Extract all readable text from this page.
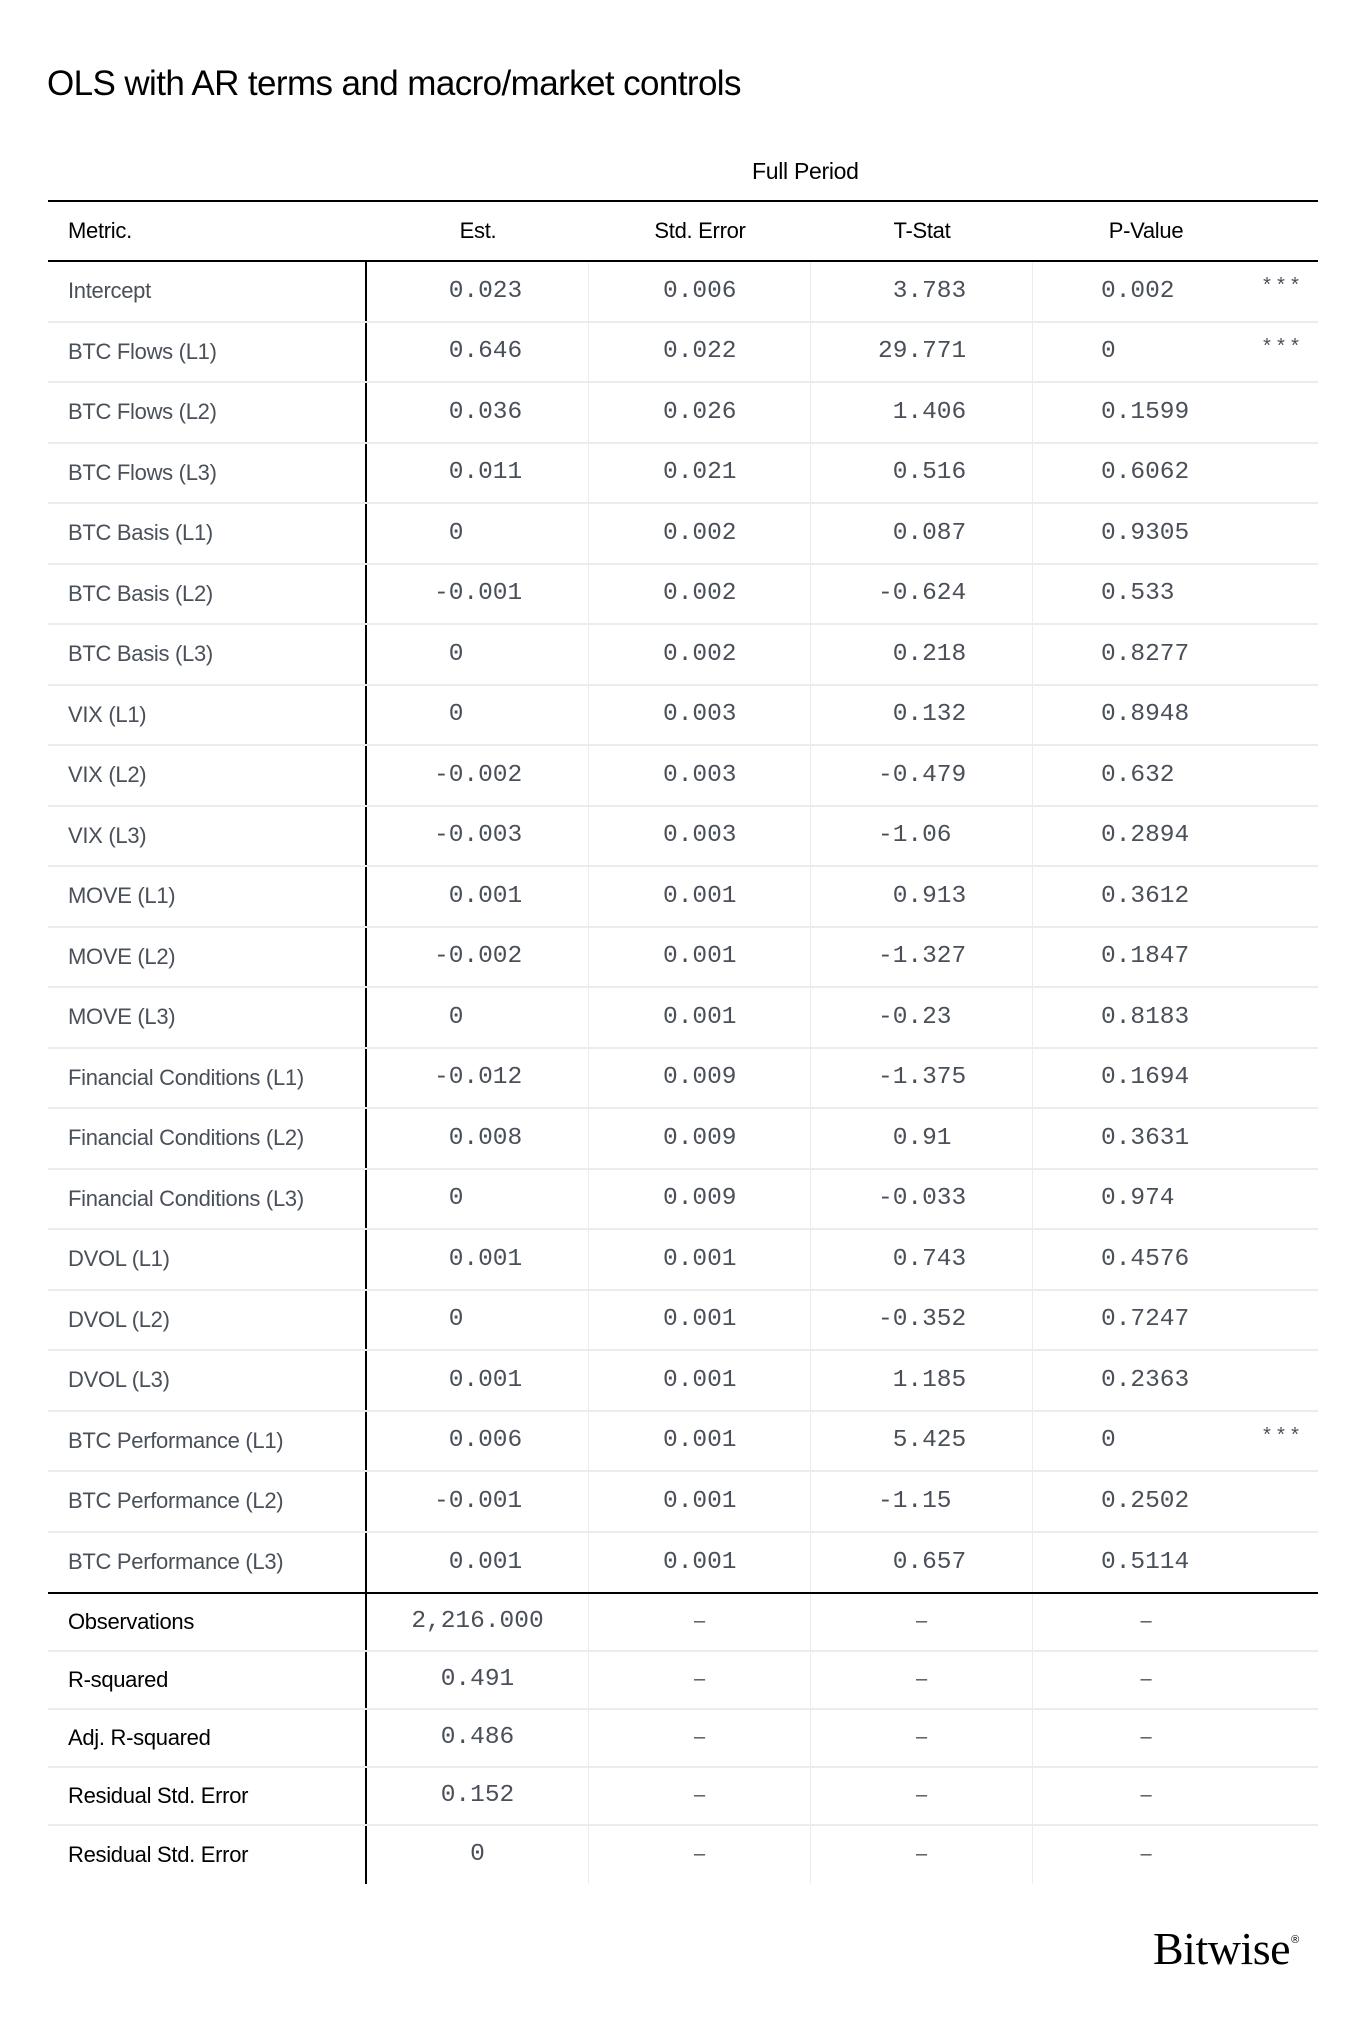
OLS with AR terms and macro/market controls
Full Period
Metric.	Est.	Std. Error	T-Stat	P-Value
Intercept	0.023	0.006	3.783	0.002	***
BTC Flows (L1)	0.646	0.022	29.771	0	***
BTC Flows (L2)	0.036	0.026	1.406	0.1599
BTC Flows (L3)	0.011	0.021	0.516	0.6062
BTC Basis (L1)	0	0.002	0.087	0.9305
BTC Basis (L2)	-0.001	0.002	-0.624	0.533
BTC Basis (L3)	0	0.002	0.218	0.8277
VIX (L1)	0	0.003	0.132	0.8948
VIX (L2)	-0.002	0.003	-0.479	0.632
VIX (L3)	-0.003	0.003	-1.06	0.2894
MOVE (L1)	0.001	0.001	0.913	0.3612
MOVE (L2)	-0.002	0.001	-1.327	0.1847
MOVE (L3)	0	0.001	-0.23	0.8183
Financial Conditions (L1)	-0.012	0.009	-1.375	0.1694
Financial Conditions (L2)	0.008	0.009	0.91	0.3631
Financial Conditions (L3)	0	0.009	-0.033	0.974
DVOL (L1)	0.001	0.001	0.743	0.4576
DVOL (L2)	0	0.001	-0.352	0.7247
DVOL (L3)	0.001	0.001	1.185	0.2363
BTC Performance (L1)	0.006	0.001	5.425	0	***
BTC Performance (L2)	-0.001	0.001	-1.15	0.2502
BTC Performance (L3)	0.001	0.001	0.657	0.5114
Observations	2,216.000	–	–	–
R-squared	0.491	–	–	–
Adj. R-squared	0.486	–	–	–
Residual Std. Error	0.152	–	–	–
Residual Std. Error	0	–	–	–
Bitwise®
